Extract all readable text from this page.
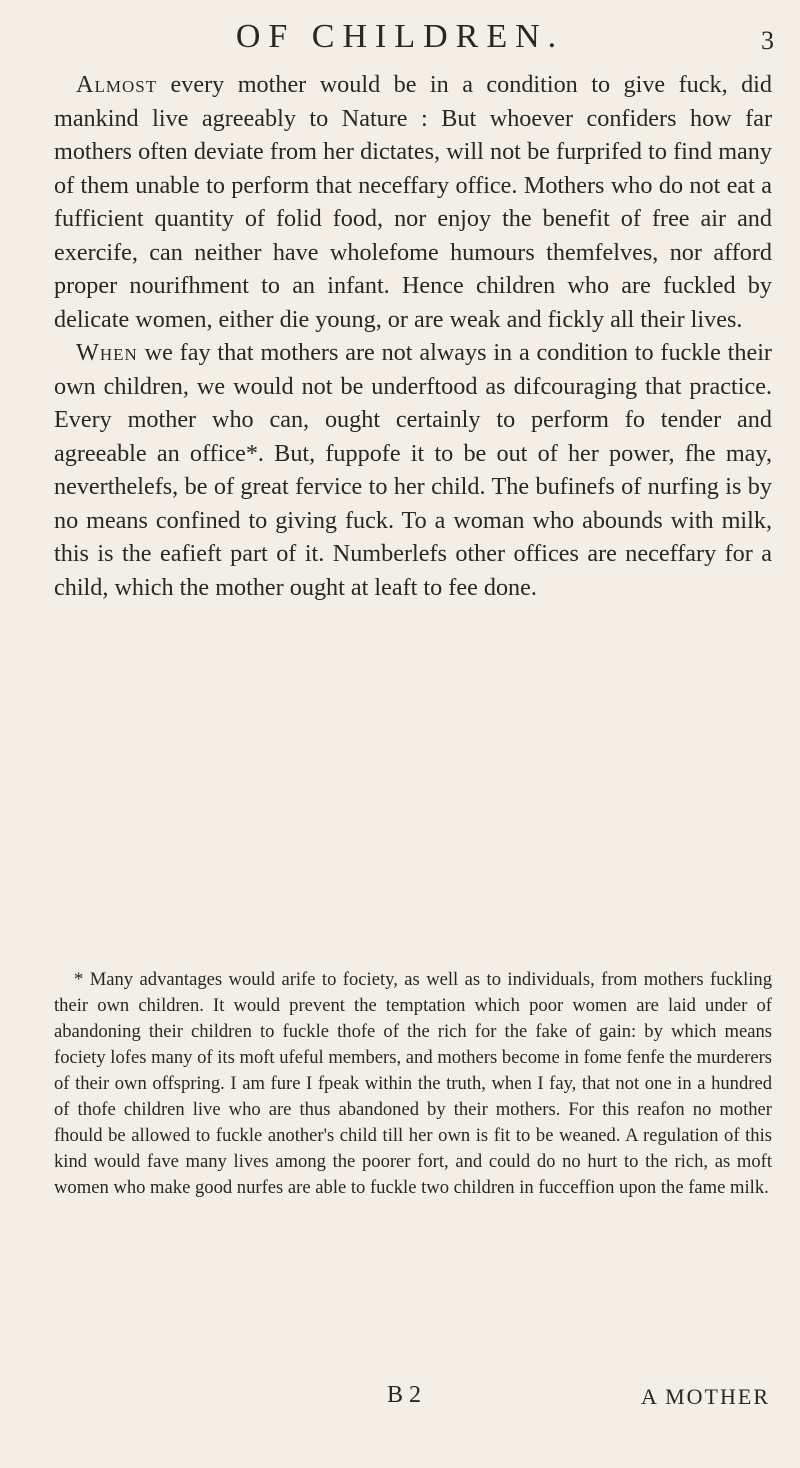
OF CHILDREN.	3

Almost every mother would be in a condition to give fuck, did mankind live agreeably to Nature : But whoever confiders how far mothers often deviate from her dictates, will not be furprifed to find many of them unable to perform that neceffary office. Mothers who do not eat a fufficient quantity of folid food, nor enjoy the benefit of free air and exercife, can neither have wholefome humours themfelves, nor afford proper nourifhment to an infant. Hence children who are fuckled by delicate women, either die young, or are weak and fickly all their lives.

When we fay that mothers are not always in a condition to fuckle their own children, we would not be underftood as difcouraging that practice. Every mother who can, ought certainly to perform fo tender and agreeable an office*. But, fuppofe it to be out of her power, fhe may, neverthelefs, be of great fervice to her child. The bufinefs of nurfing is by no means confined to giving fuck. To a woman who abounds with milk, this is the eafieft part of it. Numberlefs other offices are neceffary for a child, which the mother ought at leaft to fee done.

* Many advantages would arife to fociety, as well as to individuals, from mothers fuckling their own children. It would prevent the temptation which poor women are laid under of abandoning their children to fuckle thofe of the rich for the fake of gain: by which means fociety lofes many of its moft ufeful members, and mothers become in fome fenfe the murderers of their own offspring. I am fure I fpeak within the truth, when I fay, that not one in a hundred of thofe children live who are thus abandoned by their mothers. For this reafon no mother fhould be allowed to fuckle another's child till her own is fit to be weaned. A regulation of this kind would fave many lives among the poorer fort, and could do no hurt to the rich, as moft women who make good nurfes are able to fuckle two children in fucceffion upon the fame milk.

B 2	A MOTHER
